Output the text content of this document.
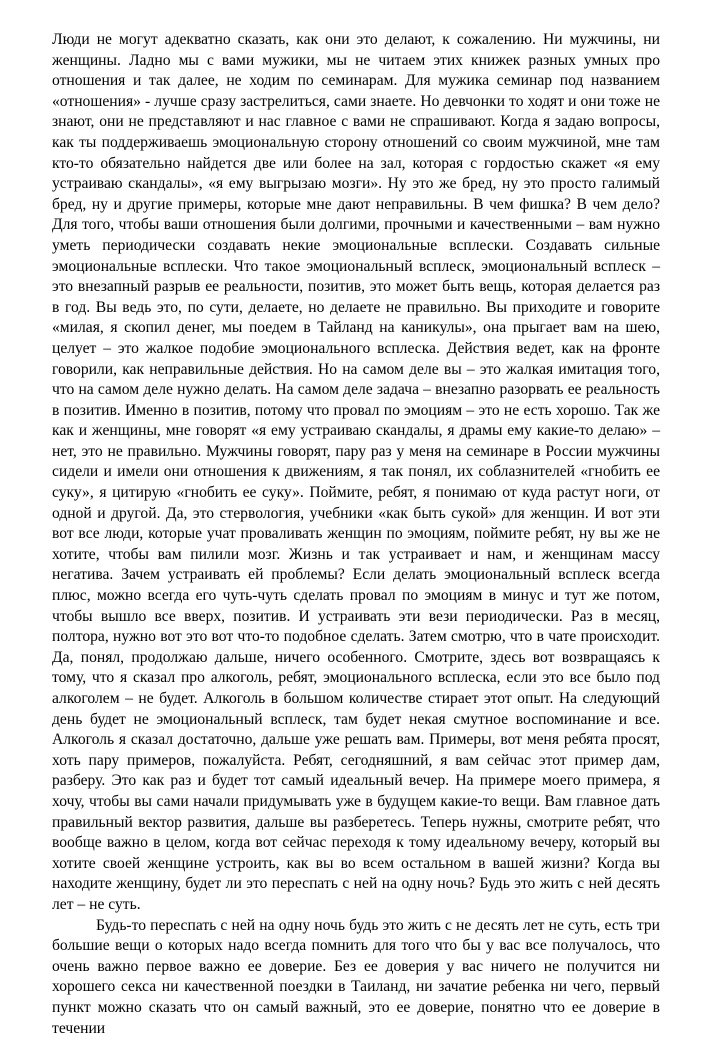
Люди не могут адекватно сказать, как они это делают, к сожалению. Ни мужчины, ни женщины. Ладно мы с вами мужики, мы не читаем этих книжек разных умных про отношения и так далее, не ходим по семинарам. Для мужика семинар под названием «отношения» - лучше сразу застрелиться, сами знаете. Но девчонки то ходят и они тоже не знают, они не представляют и нас главное с вами не спрашивают. Когда я задаю вопросы, как ты поддерживаешь эмоциональную сторону отношений со своим мужчиной, мне там кто-то обязательно найдется две или более на зал, которая с гордостью скажет «я ему устраиваю скандалы», «я ему выгрызаю мозги». Ну это же бред, ну это просто галимый бред, ну и другие примеры, которые мне дают неправильны. В чем фишка? В чем дело? Для того, чтобы ваши отношения были долгими, прочными и качественными – вам нужно уметь периодически создавать некие эмоциональные всплески. Создавать сильные эмоциональные всплески. Что такое эмоциональный всплеск, эмоциональный всплеск – это внезапный разрыв ее реальности, позитив, это может быть вещь, которая делается раз в год. Вы ведь это, по сути, делаете, но делаете не правильно. Вы приходите и говорите «милая, я скопил денег, мы поедем в Тайланд на каникулы», она прыгает вам на шею, целует – это жалкое подобие эмоционального всплеска. Действия ведет, как на фронте говорили, как неправильные действия. Но на самом деле вы – это жалкая имитация того, что на самом деле нужно делать. На самом деле задача – внезапно разорвать ее реальность в позитив. Именно в позитив, потому что провал по эмоциям – это не есть хорошо. Так же как и женщины, мне говорят «я ему устраиваю скандалы, я драмы ему какие-то делаю» – нет, это не правильно. Мужчины говорят, пару раз у меня на семинаре в России мужчины сидели и имели они отношения к движениям, я так понял, их соблазнителей «гнобить ее суку», я цитирую «гнобить ее суку». Поймите, ребят, я понимаю от куда растут ноги, от одной и другой. Да, это стервология, учебники «как быть сукой» для женщин. И вот эти вот все люди, которые учат проваливать женщин по эмоциям, поймите ребят, ну вы же не хотите, чтобы вам пилили мозг. Жизнь и так устраивает и нам, и женщинам массу негатива. Зачем устраивать ей проблемы? Если делать эмоциональный всплеск всегда плюс, можно всегда его чуть-чуть сделать провал по эмоциям в минус и тут же потом, чтобы вышло все вверх, позитив. И устраивать эти вези периодически. Раз в месяц, полтора, нужно вот это вот что-то подобное сделать. Затем смотрю, что в чате происходит. Да, понял, продолжаю дальше, ничего особенного. Смотрите, здесь вот возвращаясь к тому, что я сказал про алкоголь, ребят, эмоционального всплеска, если это все было под алкоголем – не будет. Алкоголь в большом количестве стирает этот опыт. На следующий день будет не эмоциональный всплеск, там будет некая смутное воспоминание и все. Алкоголь я сказал достаточно, дальше уже решать вам. Примеры, вот меня ребята просят, хоть пару примеров, пожалуйста. Ребят, сегодняшний, я вам сейчас этот пример дам, разберу. Это как раз и будет тот самый идеальный вечер. На примере моего примера, я хочу, чтобы вы сами начали придумывать уже в будущем какие-то вещи. Вам главное дать правильный вектор развития, дальше вы разберетесь. Теперь нужны, смотрите ребят, что вообще важно в целом, когда вот сейчас переходя к тому идеальному вечеру, который вы хотите своей женщине устроить, как вы во всем остальном в вашей жизни? Когда вы находите женщину, будет ли это переспать с ней на одну ночь? Будь это жить с ней десять лет – не суть.

Будь-то переспать с ней на одну ночь будь это жить с не десять лет не суть, есть три большие вещи о которых надо всегда помнить для того что бы у вас все получалось, что очень важно первое важно ее доверие. Без ее доверия у вас ничего не получится ни хорошего секса ни качественной поездки в Таиланд, ни зачатие ребенка ни чего, первый пункт можно сказать что он самый важный, это ее доверие, понятно что ее доверие в течении
